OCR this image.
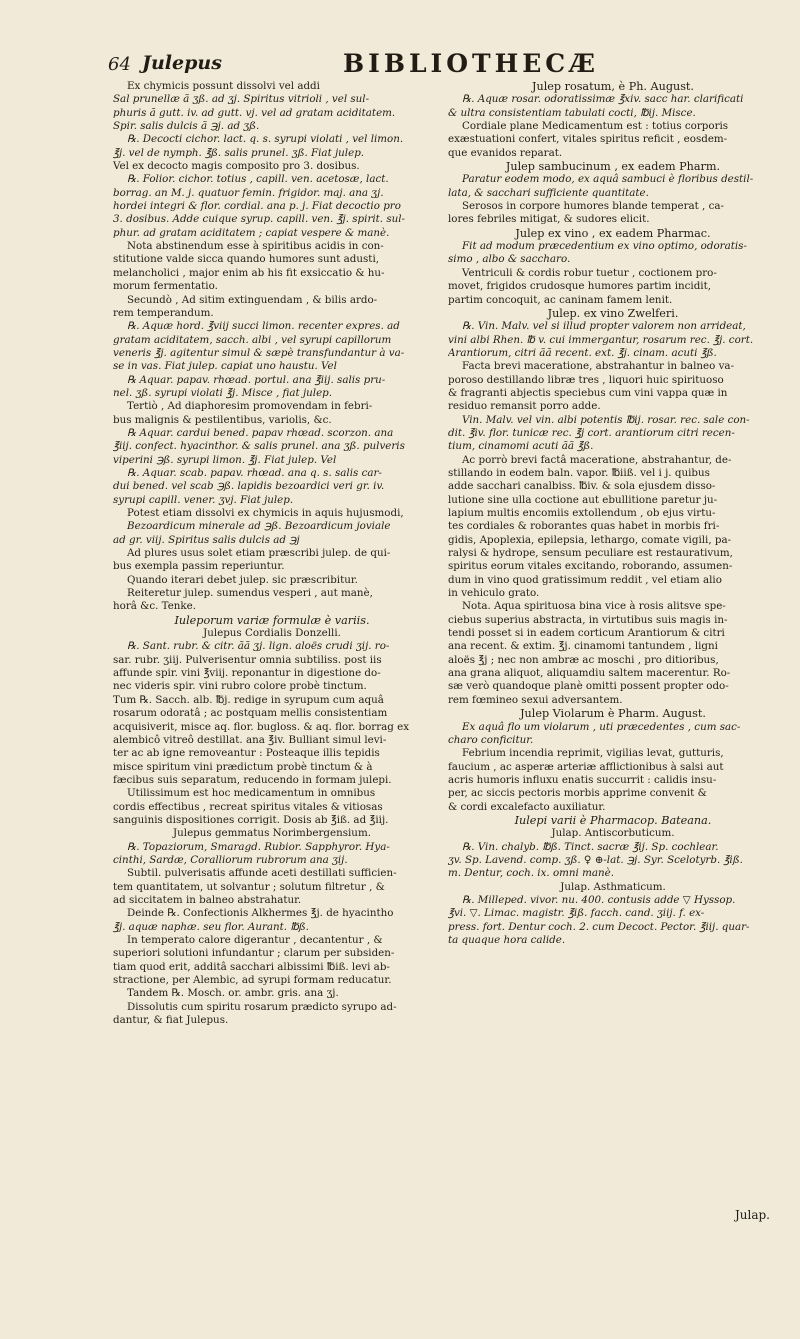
64 Julepus	BIBLIOTHECÆ
Ex chymicis possunt dissolvi vel addi
Sal prunellæ ã ʒß. ad ʒj. Spiritus vitrioli , vel sul-
phuris ã gutt. iv. ad gutt. vj. vel ad gratam aciditatem.
Spir. salis dulcis ã ℈j. ad ʒß.
℞. Decocti cichor. lact. q. s. syrupi violati , vel limon.
℥j. vel de nymph. ℥ß. salis prunel. ʒß. Fiat julep.
Vel ex decocto magis composito pro 3. dosibus.
℞. Folior. cichor. totius , capill. ven. acetosæ, lact.
borrag. an M. j. quatuor femin. frigidor. maj. ana ʒj.
hordei integri & flor. cordial. ana p. j. Fiat decoctio pro
3. dosibus. Adde cuique syrup. capill. ven. ℥j. spirit. sul-
phur. ad gratam aciditatem ; capiat vespere & manè.
Nota abstinendum esse à spiritibus acidis in con-
stitutione valde sicca quando humores sunt adusti,
melancholici , major enim ab his fit exsiccatio & hu-
morum fermentatio.
Secundò , Ad sitim extinguendam , & bilis ardo-
rem temperandum.
℞. Aquæ hord. ℥viij succi limon. recenter expres. ad
gratam aciditatem, sacch. albi , vel syrupi capillorum
veneris ℥j. agitentur simul & sæpè transfundantur à va-
se in vas. Fiat julep. capiat uno haustu. Vel
℞ Aquar. papav. rhœad. portul. ana ℥iij. salis pru-
nel. ʒß. syrupi violati ℥j. Misce , fiat julep.
Tertiò , Ad diaphoresim promovendam in febri-
bus malignis & pestilentibus, variolis, &c.
℞ Aquar. cardui bened. papav rhœad. scorzon. ana
℥iij. confect. hyacinthor. & salis prunel. ana ʒß. pulveris
viperini ℈ß. syrupi limon. ℥j. Fiat julep. Vel
℞. Aquar. scab. papav. rhœad. ana q. s. salis car-
dui bened. vel scab ℈ß. lapidis bezoardici veri gr. iv.
syrupi capill. vener. ʒvj. Fiat julep.
Potest etiam dissolvi ex chymicis in aquis hujusmodi,
Bezoardicum minerale ad ℈ß. Bezoardicum joviale
ad gr. viij. Spiritus salis dulcis ad ℈j
Ad plures usus solet etiam præscribi julep. de qui-
bus exempla passim reperiuntur.
Quando iterari debet julep. sic præscribitur.
Reiteretur julep. sumendus vesperi , aut manè,
horâ &c. Tenke.
Iuleporum variæ formulæ è variis.
Julepus Cordialis Donzelli.
℞. Sant. rubr. & citr. ãã ʒj. lign. aloës crudi ʒij. ro-
sar. rubr. ʒiij. Pulverisentur omnia subtiliss. post iis
affunde spir. vini ℥viij. reponantur in digestione do-
nec videris spir. vini rubro colore probè tinctum.
Tum ℞. Sacch. alb. ℔j. redige in syrupum cum aquâ
rosarum odoratâ ; ac postquam mellis consistentiam
acquisiverit, misce aq. flor. bugloss. & aq. flor. borrag ex
alembicô vitreô destillat. ana ℥iv. Bulliant simul levi-
ter ac ab igne removeantur : Posteaque illis tepidis
misce spiritum vini prædictum probè tinctum & à
fæcibus suis separatum, reducendo in formam julepi.
Utilissimum est hoc medicamentum in omnibus
cordis effectibus , recreat spiritus vitales & vitiosas
sanguinis dispositiones corrigit. Dosis ab ℥iß. ad ℥iij.
Julepus gemmatus Norimbergensium.
℞. Topaziorum, Smaragd. Rubior. Sapphyror. Hya-
cinthi, Sardæ, Coralliorum rubrorum ana ʒij.
Subtil. pulverisatis affunde aceti destillati sufficien-
tem quantitatem, ut solvantur ; solutum filtretur , &
ad siccitatem in balneo abstrahatur.
Deinde ℞. Confectionis Alkhermes ℥j. de hyacintho
℥j. aquæ naphæ. seu flor. Aurant. ℔ß.
In temperato calore digerantur , decantentur , &
superiori solutioni infundantur ; clarum per subsiden-
tiam quod erit, additâ sacchari albissimi ℔iß. levi ab-
stractione, per Alembic, ad syrupi formam reducatur.
Tandem ℞. Mosch. or. ambr. gris. ana ʒj.
Dissolutis cum spiritu rosarum prædicto syrupo ad-
dantur, & fiat Julepus.
Julep rosatum, è Ph. August.
℞. Aquæ rosar. odoratissimæ ℥xiv. sacc har. clarificati
& ultra consistentiam tabulati cocti, ℔ij. Misce.
Cordiale plane Medicamentum est : totius corporis
exæstuationi confert, vitales spiritus reficit , eosdem-
que evanidos reparat.
Julep sambucinum , ex eadem Pharm.
Paratur eodem modo, ex aquâ sambuci è floribus destil-
lata, & sacchari sufficiente quantitate.
Serosos in corpore humores blande temperat , ca-
lores febriles mitigat, & sudores elicit.
Julep ex vino , ex eadem Pharmac.
Fit ad modum præcedentium ex vino optimo, odoratis-
simo , albo & saccharo.
Ventriculi & cordis robur tuetur , coctionem pro-
movet, frigidos crudosque humores partim incidit,
partim concoquit, ac caninam famem lenit.
Julep. ex vino Zwelferi.
℞. Vin. Malv. vel si illud propter valorem non arrideat,
vini albi Rhen. ℔ v. cui immergantur, rosarum rec. ℥j. cort.
Arantiorum, citri ãã recent. ext. ℥j. cinam. acuti ℥ß.
Facta brevi maceratione, abstrahantur in balneo va-
poroso destillando libræ tres , liquori huic spirituoso
& fragranti abjectis speciebus cum vini vappa quæ in
residuo remansit porro adde.
Vin. Malv. vel vin. albi potentis ℔ij. rosar. rec. sale con-
dit. ℥iv. flor. tunicæ rec. ℥j cort. arantiorum citri recen-
tium, cinamomi acuti ãã ℥ß.
Ac porrò brevi factâ maceratione, abstrahantur, de-
stillando in eodem baln. vapor. ℔iiß. vel i j. quibus
adde sacchari canalbiss. ℔iv. & sola ejusdem disso-
lutione sine ulla coctione aut ebullitione paretur ju-
lapium multis encomiis extollendum , ob ejus virtu-
tes cordiales & roborantes quas habet in morbis fri-
gidis, Apoplexia, epilepsia, lethargo, comate vigili, pa-
ralysi & hydrope, sensum peculiare est restaurativum,
spiritus eorum vitales excitando, roborando, assumen-
dum in vino quod gratissimum reddit , vel etiam alio
in vehiculo grato.
Nota. Aqua spirituosa bina vice à rosis alitsve spe-
ciebus superius abstracta, in virtutibus suis magis in-
tendi posset si in eadem corticum Arantiorum & citri
ana recent. & extim. ℥j. cinamomi tantundem , ligni
aloës ℥j ; nec non ambræ ac moschi , pro ditioribus,
ana grana aliquot, aliquamdiu saltem macerentur. Ro-
sæ verò quandoque planè omitti possent propter odo-
rem fœmineo sexui adversantem.
Julep Violarum è Pharm. August.
Ex aquâ flo um violarum , uti præcedentes , cum sac-
charo conficitur.
Febrium incendia reprimit, vigilias levat, gutturis,
faucium , ac asperæ arteriæ afflictionibus à salsi aut
acris humoris influxu enatis succurrit : calidis insu-
per, ac siccis pectoris morbis apprime convenit &
& cordi excalefacto auxiliatur.
Iulepi varii è Pharmacop. Bateana.
Julap. Antiscorbuticum.
℞. Vin. chalyb. ℔ß. Tinct. sacræ ℥ij. Sp. cochlear.
ʒv. Sp. Lavend. comp. ʒß. ♀ ⊕-lat. ℈j. Syr. Scelotyrb. ℥iß.
m. Dentur, coch. ix. omni manè.
Julap. Asthmaticum.
℞. Milleped. vivor. nu. 400. contusis adde ▽ Hyssop.
℥vi. ▽. Limac. magistr. ℥iß. facch. cand. ʒiij. f. ex-
press. fort. Dentur coch. 2. cum Decoct. Pector. ℥iij. quar-
ta quaque hora calide.
Julap.
